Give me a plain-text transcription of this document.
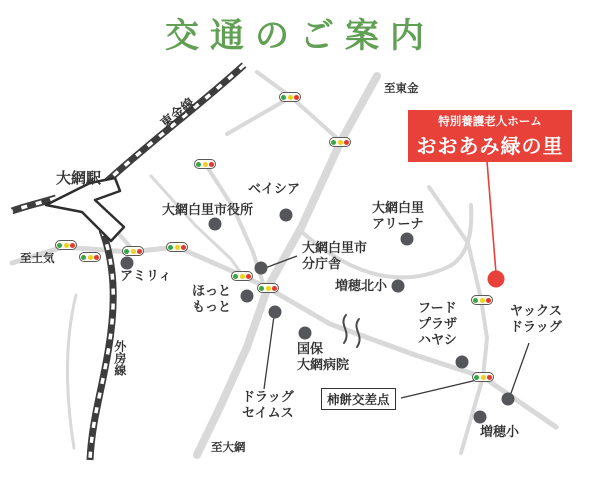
交通のご案内
特別養護老人ホーム
おおあみ緑の里
大網駅
東金線
至東金
ベイシア
大網白里市役所	大網白里
アリーナ
大網白里市
分庁舎
至土気
アミリィ
ほっと
もっと
増穂北小
フード
プラザ
ハヤシ
ヤックス
ドラッグ
外房線	国保
大網病院
ドラッグ
セイムス
増穂小
至大網
柿餅交差点
